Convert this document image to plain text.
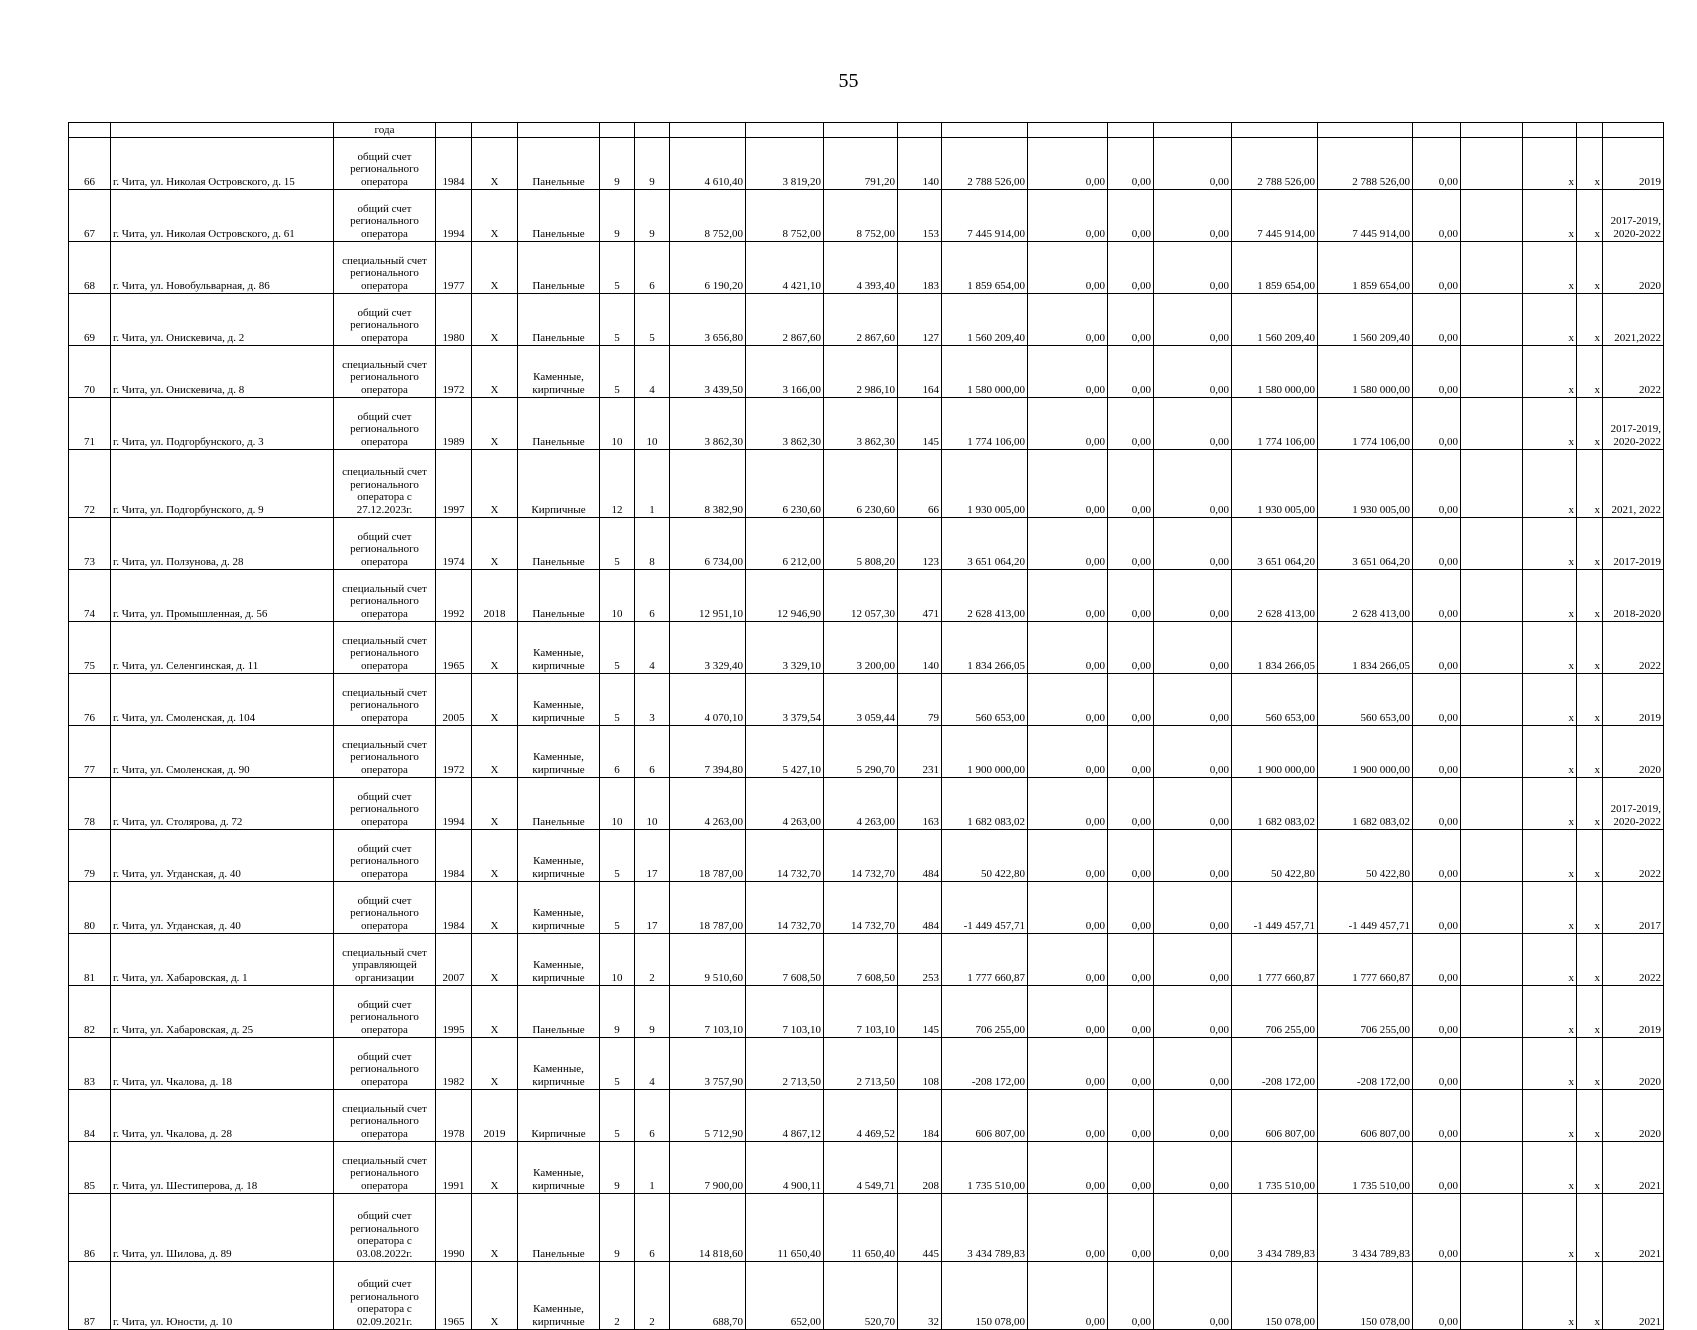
55
		года																				
66	г. Чита, ул. Николая Островского, д. 15	общий счет регионального оператора	1984	X	Панельные	9	9	4 610,40	3 819,20	791,20	140	2 788 526,00	0,00	0,00	0,00	2 788 526,00	2 788 526,00	0,00		x	x	2019
67	г. Чита, ул. Николая Островского, д. 61	общий счет регионального оператора	1994	X	Панельные	9	9	8 752,00	8 752,00	8 752,00	153	7 445 914,00	0,00	0,00	0,00	7 445 914,00	7 445 914,00	0,00		x	x	2017-2019, 2020-2022
68	г. Чита, ул. Новобульварная, д. 86	специальный счет регионального оператора	1977	X	Панельные	5	6	6 190,20	4 421,10	4 393,40	183	1 859 654,00	0,00	0,00	0,00	1 859 654,00	1 859 654,00	0,00		x	x	2020
69	г. Чита, ул. Онискевича, д. 2	общий счет регионального оператора	1980	X	Панельные	5	5	3 656,80	2 867,60	2 867,60	127	1 560 209,40	0,00	0,00	0,00	1 560 209,40	1 560 209,40	0,00		x	x	2021,2022
70	г. Чита, ул. Онискевича, д. 8	специальный счет регионального оператора	1972	X	Каменные, кирпичные	5	4	3 439,50	3 166,00	2 986,10	164	1 580 000,00	0,00	0,00	0,00	1 580 000,00	1 580 000,00	0,00		x	x	2022
71	г. Чита, ул. Подгорбунского, д. 3	общий счет регионального оператора	1989	X	Панельные	10	10	3 862,30	3 862,30	3 862,30	145	1 774 106,00	0,00	0,00	0,00	1 774 106,00	1 774 106,00	0,00		x	x	2017-2019, 2020-2022
72	г. Чита, ул. Подгорбунского, д. 9	специальный счет регионального оператора с 27.12.2023г.	1997	X	Кирпичные	12	1	8 382,90	6 230,60	6 230,60	66	1 930 005,00	0,00	0,00	0,00	1 930 005,00	1 930 005,00	0,00		x	x	2021, 2022
73	г. Чита, ул. Ползунова, д. 28	общий счет регионального оператора	1974	X	Панельные	5	8	6 734,00	6 212,00	5 808,20	123	3 651 064,20	0,00	0,00	0,00	3 651 064,20	3 651 064,20	0,00		x	x	2017-2019
74	г. Чита, ул. Промышленная, д. 56	специальный счет регионального оператора	1992	2018	Панельные	10	6	12 951,10	12 946,90	12 057,30	471	2 628 413,00	0,00	0,00	0,00	2 628 413,00	2 628 413,00	0,00		x	x	2018-2020
75	г. Чита, ул. Селенгинская, д. 11	специальный счет регионального оператора	1965	X	Каменные, кирпичные	5	4	3 329,40	3 329,10	3 200,00	140	1 834 266,05	0,00	0,00	0,00	1 834 266,05	1 834 266,05	0,00		x	x	2022
76	г. Чита, ул. Смоленская, д. 104	специальный счет регионального оператора	2005	X	Каменные, кирпичные	5	3	4 070,10	3 379,54	3 059,44	79	560 653,00	0,00	0,00	0,00	560 653,00	560 653,00	0,00		x	x	2019
77	г. Чита, ул. Смоленская, д. 90	специальный счет регионального оператора	1972	X	Каменные, кирпичные	6	6	7 394,80	5 427,10	5 290,70	231	1 900 000,00	0,00	0,00	0,00	1 900 000,00	1 900 000,00	0,00		x	x	2020
78	г. Чита, ул. Столярова, д. 72	общий счет регионального оператора	1994	X	Панельные	10	10	4 263,00	4 263,00	4 263,00	163	1 682 083,02	0,00	0,00	0,00	1 682 083,02	1 682 083,02	0,00		x	x	2017-2019, 2020-2022
79	г. Чита, ул. Угданская, д. 40	общий счет регионального оператора	1984	X	Каменные, кирпичные	5	17	18 787,00	14 732,70	14 732,70	484	50 422,80	0,00	0,00	0,00	50 422,80	50 422,80	0,00		x	x	2022
80	г. Чита, ул. Угданская, д. 40	общий счет регионального оператора	1984	X	Каменные, кирпичные	5	17	18 787,00	14 732,70	14 732,70	484	-1 449 457,71	0,00	0,00	0,00	-1 449 457,71	-1 449 457,71	0,00		x	x	2017
81	г. Чита, ул. Хабаровская, д. 1	специальный счет управляющей организации	2007	X	Каменные, кирпичные	10	2	9 510,60	7 608,50	7 608,50	253	1 777 660,87	0,00	0,00	0,00	1 777 660,87	1 777 660,87	0,00		x	x	2022
82	г. Чита, ул. Хабаровская, д. 25	общий счет регионального оператора	1995	X	Панельные	9	9	7 103,10	7 103,10	7 103,10	145	706 255,00	0,00	0,00	0,00	706 255,00	706 255,00	0,00		x	x	2019
83	г. Чита, ул. Чкалова, д. 18	общий счет регионального оператора	1982	X	Каменные, кирпичные	5	4	3 757,90	2 713,50	2 713,50	108	-208 172,00	0,00	0,00	0,00	-208 172,00	-208 172,00	0,00		x	x	2020
84	г. Чита, ул. Чкалова, д. 28	специальный счет регионального оператора	1978	2019	Кирпичные	5	6	5 712,90	4 867,12	4 469,52	184	606 807,00	0,00	0,00	0,00	606 807,00	606 807,00	0,00		x	x	2020
85	г. Чита, ул. Шестиперова, д. 18	специальный счет регионального оператора	1991	X	Каменные, кирпичные	9	1	7 900,00	4 900,11	4 549,71	208	1 735 510,00	0,00	0,00	0,00	1 735 510,00	1 735 510,00	0,00		x	x	2021
86	г. Чита, ул. Шилова, д. 89	общий счет регионального оператора с 03.08.2022г.	1990	X	Панельные	9	6	14 818,60	11 650,40	11 650,40	445	3 434 789,83	0,00	0,00	0,00	3 434 789,83	3 434 789,83	0,00		x	x	2021
87	г. Чита, ул. Юности, д. 10	общий счет регионального оператора с 02.09.2021г.	1965	X	Каменные, кирпичные	2	2	688,70	652,00	520,70	32	150 078,00	0,00	0,00	0,00	150 078,00	150 078,00	0,00		x	x	2021
